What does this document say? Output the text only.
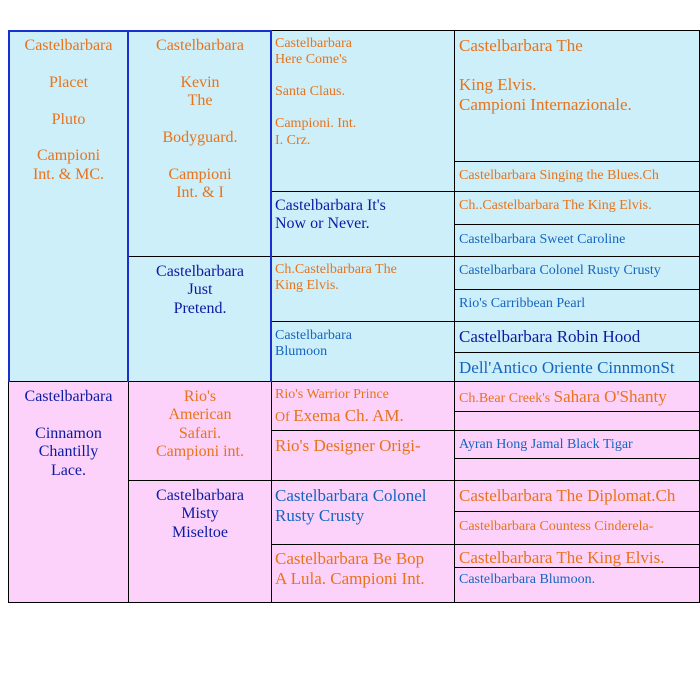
Castelbarbara

Placet

Pluto

Campioni
Int. & MC.
Castelbarbara

Cinnamon
Chantilly
Lace.
Castelbarbara

Kevin
The

Bodyguard.

Campioni
Int. & I
Castelbarbara
Just
Pretend.
Rio's
American
Safari.
Campioni int.
Castelbarbara
Misty
Miseltoe
Castelbarbara
Here Come's

Santa Claus.

Campioni. Int.
I. Crz.
Castelbarbara It's
Now or Never.
Ch.Castelbarbara The
King Elvis.
Castelbarbara
Blumoon
Rio's Warrior Prince
Of Exema Ch. AM.
Rio's Designer Origi-
Castelbarbara Colonel
Rusty Crusty
Castelbarbara Be Bop
A Lula. Campioni Int.
Castelbarbara The

King Elvis.
Campioni Internazionale.
Castelbarbara Singing the Blues.Ch
Ch..Castelbarbara The King Elvis.
Castelbarbara Sweet Caroline
Castelbarbara Colonel Rusty Crusty
Rio's Carribbean Pearl
Castelbarbara Robin Hood
Dell'Antico Oriente CinnmonSt
Ch.Bear Creek's Sahara O'Shanty
Ayran Hong Jamal Black Tigar
Castelbarbara The Diplomat.Ch
Castelbarbara Countess Cinderela-
Castelbarbara The King Elvis.
Castelbarbara Blumoon.
